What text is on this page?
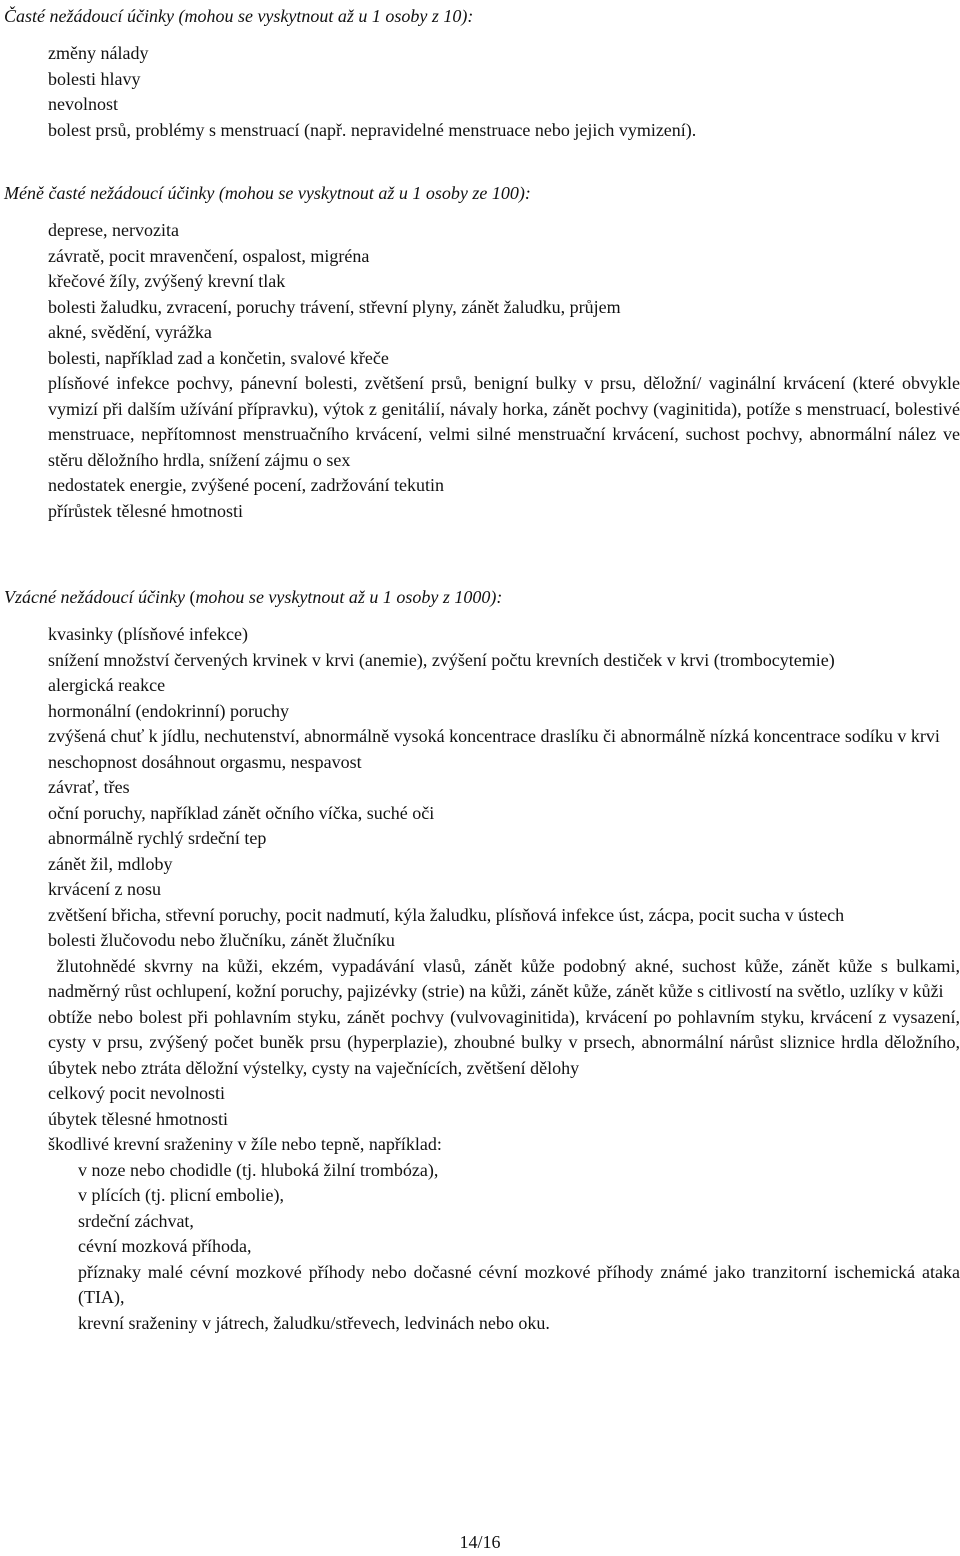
Časté nežádoucí účinky (mohou se vyskytnout až u 1 osoby z 10):
změny nálady
bolesti hlavy
nevolnost
bolest prsů, problémy s menstruací (např. nepravidelné menstruace nebo jejich vymizení).
Méně časté nežádoucí účinky (mohou se vyskytnout až u 1 osoby ze 100):
deprese, nervozita
závratě, pocit mravenčení, ospalost, migréna
křečové žíly, zvýšený krevní tlak
bolesti žaludku, zvracení, poruchy trávení, střevní plyny, zánět žaludku, průjem
akné, svědění, vyrážka
bolesti, například zad a končetin, svalové křeče
plísňové infekce pochvy, pánevní bolesti, zvětšení prsů, benigní bulky v prsu, děložní/ vaginální krvácení (které obvykle vymizí při dalším užívání přípravku), výtok z genitálií, návaly horka, zánět pochvy (vaginitida), potíže s menstruací, bolestivé menstruace, nepřítomnost menstruačního krvácení, velmi silné menstruační krvácení, suchost pochvy, abnormální nález ve stěru děložního hrdla, snížení zájmu o sex
nedostatek energie, zvýšené pocení, zadržování tekutin
přírůstek tělesné hmotnosti
Vzácné nežádoucí účinky (mohou se vyskytnout až u 1 osoby z 1000):
kvasinky (plísňové infekce)
snížení množství červených krvinek v krvi (anemie), zvýšení počtu krevních destiček v krvi (trombocytemie)
alergická reakce
hormonální (endokrinní) poruchy
zvýšená chuť k jídlu, nechutenství, abnormálně vysoká koncentrace draslíku či abnormálně nízká koncentrace sodíku v krvi
neschopnost dosáhnout orgasmu, nespavost
závrať, třes
oční poruchy, například zánět očního víčka, suché oči
abnormálně rychlý srdeční tep
zánět žil, mdloby
krvácení z nosu
zvětšení břicha, střevní poruchy, pocit nadmutí, kýla žaludku, plísňová infekce úst, zácpa, pocit sucha v ústech
bolesti žlučovodu nebo žlučníku, zánět žlučníku
žlutohnědé skvrny na kůži, ekzém, vypadávání vlasů, zánět kůže podobný akné, suchost kůže, zánět kůže s bulkami, nadměrný růst ochlupení, kožní poruchy, pajizévky (strie) na kůži, zánět kůže, zánět kůže s citlivostí na světlo, uzlíky v kůži
obtíže nebo bolest při pohlavním styku, zánět pochvy (vulvovaginitida), krvácení po pohlavním styku, krvácení z vysazení, cysty v prsu, zvýšený počet buněk prsu (hyperplazie), zhoubné bulky v prsech, abnormální nárůst sliznice hrdla děložního, úbytek nebo ztráta děložní výstelky, cysty na vaječnících, zvětšení dělohy
celkový pocit nevolnosti
úbytek tělesné hmotnosti
škodlivé krevní sraženiny v žíle nebo tepně, například:
v noze nebo chodidle (tj. hluboká žilní trombóza),
v plících (tj. plicní embolie),
srdeční záchvat,
cévní mozková příhoda,
příznaky malé cévní mozkové příhody nebo dočasné cévní mozkové příhody známé jako tranzitorní ischemická ataka (TIA),
krevní sraženiny v játrech, žaludku/střevech, ledvinách nebo oku.
14/16
